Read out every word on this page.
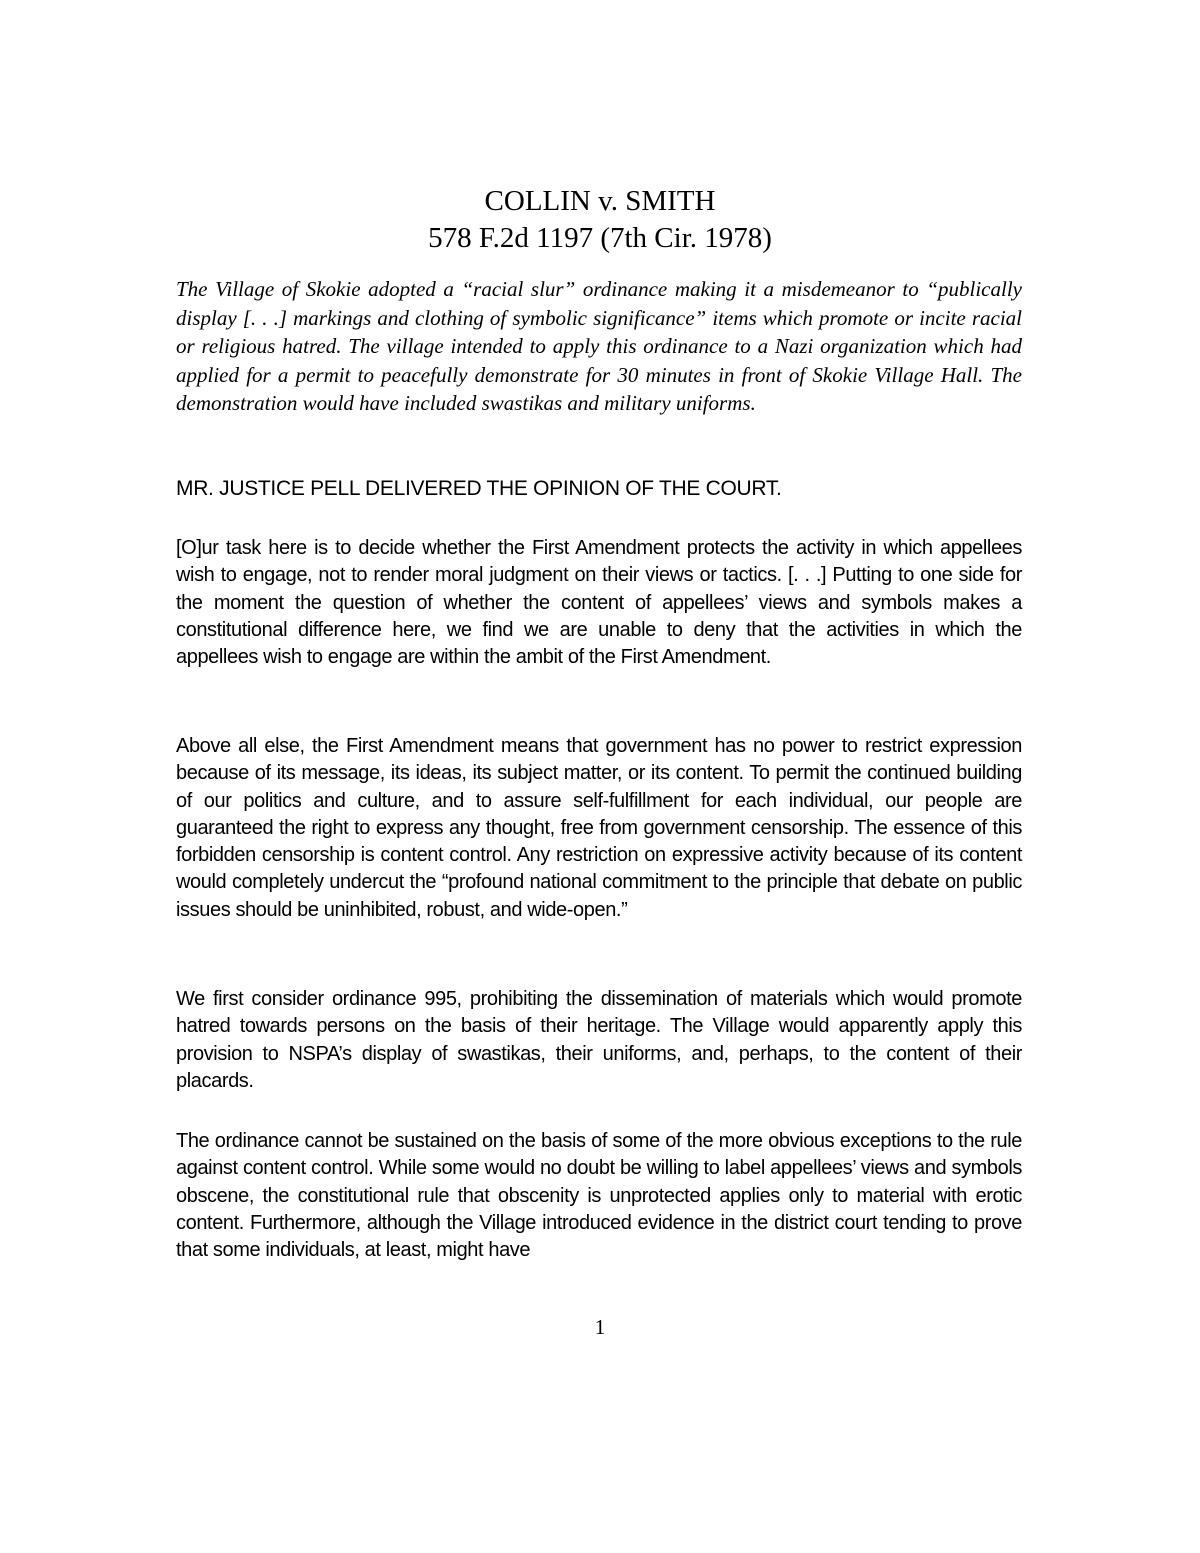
COLLIN v. SMITH

578 F.2d 1197 (7th Cir. 1978)

The Village of Skokie adopted a “racial slur” ordinance making it a misdemeanor to “publically display [. . .] markings and clothing of symbolic significance” items which promote or incite racial or religious hatred. The village intended to apply this ordinance to a Nazi organization which had applied for a permit to peacefully demonstrate for 30 minutes in front of Skokie Village Hall. The demonstration would have included swastikas and military uniforms.

MR. JUSTICE PELL DELIVERED THE OPINION OF THE COURT.

[O]ur task here is to decide whether the First Amendment protects the activity in which appellees wish to engage, not to render moral judgment on their views or tactics. [. . .] Putting to one side for the moment the question of whether the content of appellees’ views and symbols makes a constitutional difference here, we find we are unable to deny that the activities in which the appellees wish to engage are within the ambit of the First Amendment.

Above all else, the First Amendment means that government has no power to restrict expression because of its message, its ideas, its subject matter, or its content. To permit the continued building of our politics and culture, and to assure self-fulfillment for each individual, our people are guaranteed the right to express any thought, free from government censorship. The essence of this forbidden censorship is content control. Any restriction on expressive activity because of its content would completely undercut the “profound national commitment to the principle that debate on public issues should be uninhibited, robust, and wide-open.”

We first consider ordinance 995, prohibiting the dissemination of materials which would promote hatred towards persons on the basis of their heritage. The Village would apparently apply this provision to NSPA’s display of swastikas, their uniforms, and, perhaps, to the content of their placards.

The ordinance cannot be sustained on the basis of some of the more obvious exceptions to the rule against content control. While some would no doubt be willing to label appellees’ views and symbols obscene, the constitutional rule that obscenity is unprotected applies only to material with erotic content. Furthermore, although the Village introduced evidence in the district court tending to prove that some individuals, at least, might have

1
